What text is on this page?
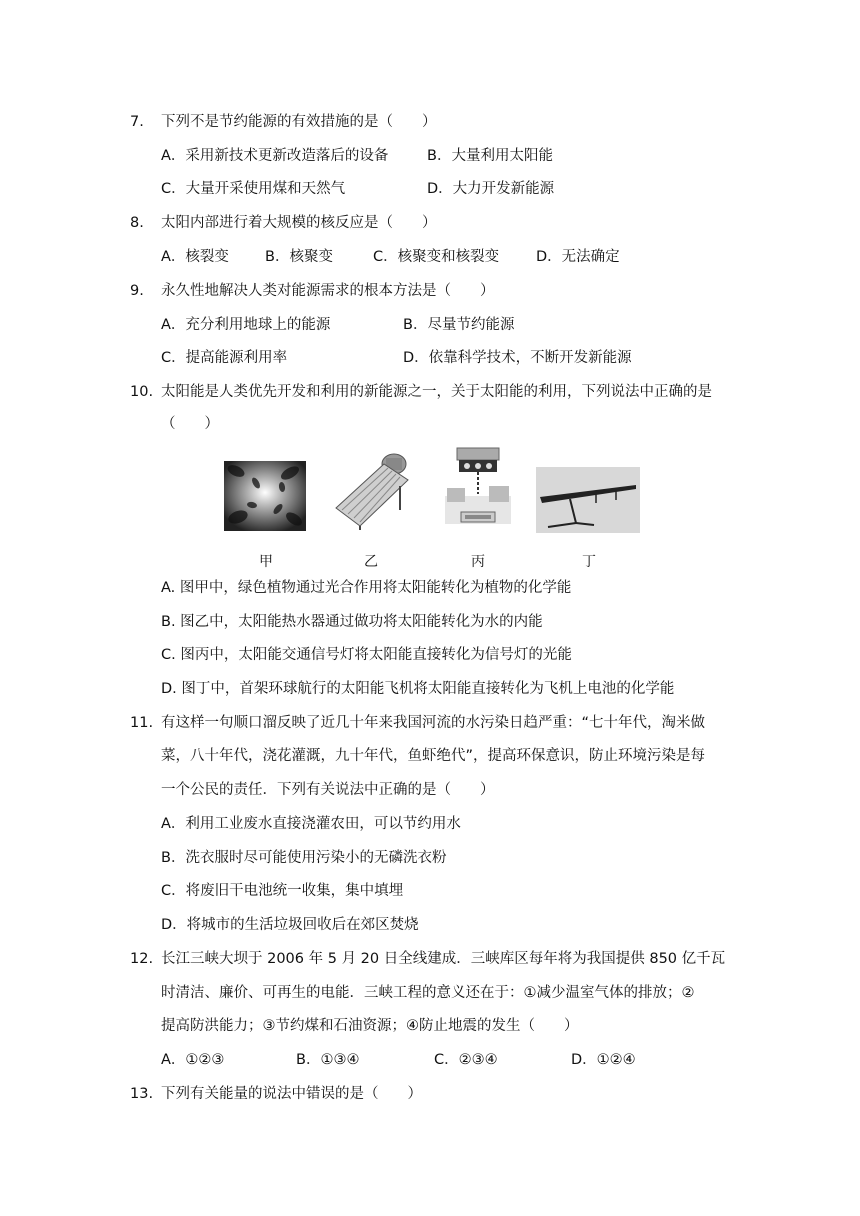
7. 下列不是节约能源的有效措施的是（　　）
A．采用新技术更新改造落后的设备	B．大量利用太阳能
C．大量开采使用煤和天然气	D．大力开发新能源
8. 太阳内部进行着大规模的核反应是（　　）
A．核裂变 B．核聚变	C．核聚变和核裂变	D．无法确定
9. 永久性地解决人类对能源需求的根本方法是（　　）
A．充分利用地球上的能源	B．尽量节约能源
C．提高能源利用率	D．依靠科学技术，不断开发新能源
10. 太阳能是人类优先开发和利用的新能源之一，关于太阳能的利用，下列说法中正确的是
（　　）
甲	乙	丙	丁
A. 图甲中，绿色植物通过光合作用将太阳能转化为植物的化学能
B. 图乙中，太阳能热水器通过做功将太阳能转化为水的内能
C. 图丙中，太阳能交通信号灯将太阳能直接转化为信号灯的光能
D. 图丁中，首架环球航行的太阳能飞机将太阳能直接转化为飞机上电池的化学能
11. 有这样一句顺口溜反映了近几十年来我国河流的水污染日趋严重：“七十年代，淘米做
菜，八十年代，浇花灌溉，九十年代，鱼虾绝代”，提高环保意识，防止环境污染是每
一个公民的责任．下列有关说法中正确的是（　　）
A．利用工业废水直接浇灌农田，可以节约用水
B．洗衣服时尽可能使用污染小的无磷洗衣粉
C．将废旧干电池统一收集，集中填埋
D．将城市的生活垃圾回收后在郊区焚烧
12. 长江三峡大坝于 2006 年 5 月 20 日全线建成．三峡库区每年将为我国提供 850 亿千瓦
时清洁、廉价、可再生的电能．三峡工程的意义还在于：①减少温室气体的排放；②
提高防洪能力；③节约煤和石油资源；④防止地震的发生（　　）
A．①②③	B．①③④	C．②③④	D．①②④
13. 下列有关能量的说法中错误的是（　　）
